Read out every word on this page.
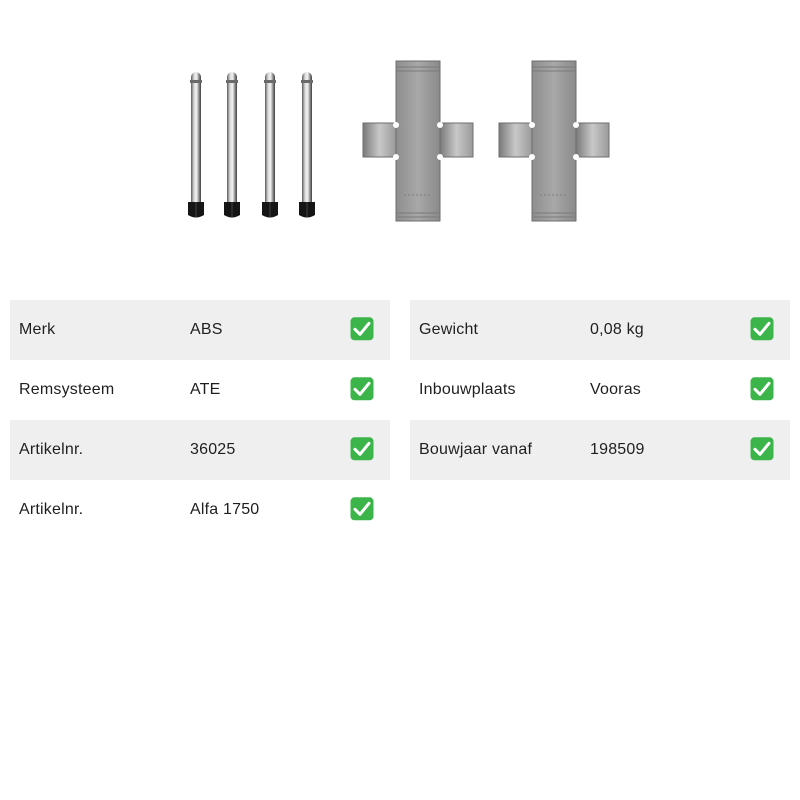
Merk	ABS
Remsysteem	ATE
Artikelnr.	36025
Artikelnr.	Alfa 1750
Gewicht	0,08 kg
Inbouwplaats	Vooras
Bouwjaar vanaf	198509
